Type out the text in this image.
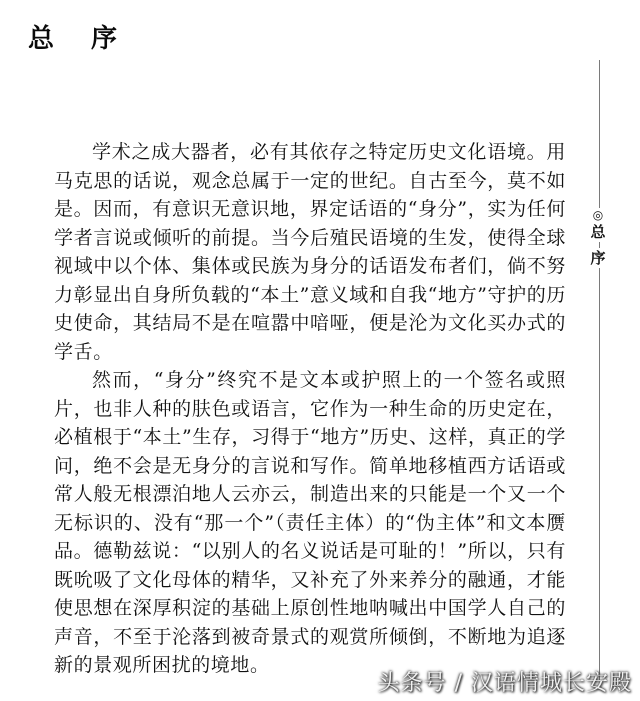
总 序
◎
总
序

学术之成大器者，必有其依存之特定历史文化语境。用马克思的话说，观念总属于一定的世纪。自古至今，莫不如是。因而，有意识无意识地，界定话语的“身分”，实为任何学者言说或倾听的前提。当今后殖民语境的生发，使得全球视域中以个体、集体或民族为身分的话语发布者们，倘不努力彰显出自身所负载的“本土”意义域和自我“地方”守护的历史使命，其结局不是在喧嚣中喑哑，便是沦为文化买办式的学舌。

然而，“身分”终究不是文本或护照上的一个签名或照片，也非人种的肤色或语言，它作为一种生命的历史定在，必植根于“本土”生存，习得于“地方”历史、这样，真正的学问，绝不会是无身分的言说和写作。简单地移植西方话语或常人般无根漂泊地人云亦云，制造出来的只能是一个又一个无标识的、没有“那一个”（责任主体）的“伪主体”和文本赝品。德勒兹说：“以别人的名义说话是可耻的！”所以，只有既吮吸了文化母体的精华，又补充了外来养分的融通，才能使思想在深厚积淀的基础上原创性地呐喊出中国学人自己的声音，不至于沦落到被奇景式的观赏所倾倒，不断地为追逐新的景观所困扰的境地。

头条号 / 汉语情城长安殿
